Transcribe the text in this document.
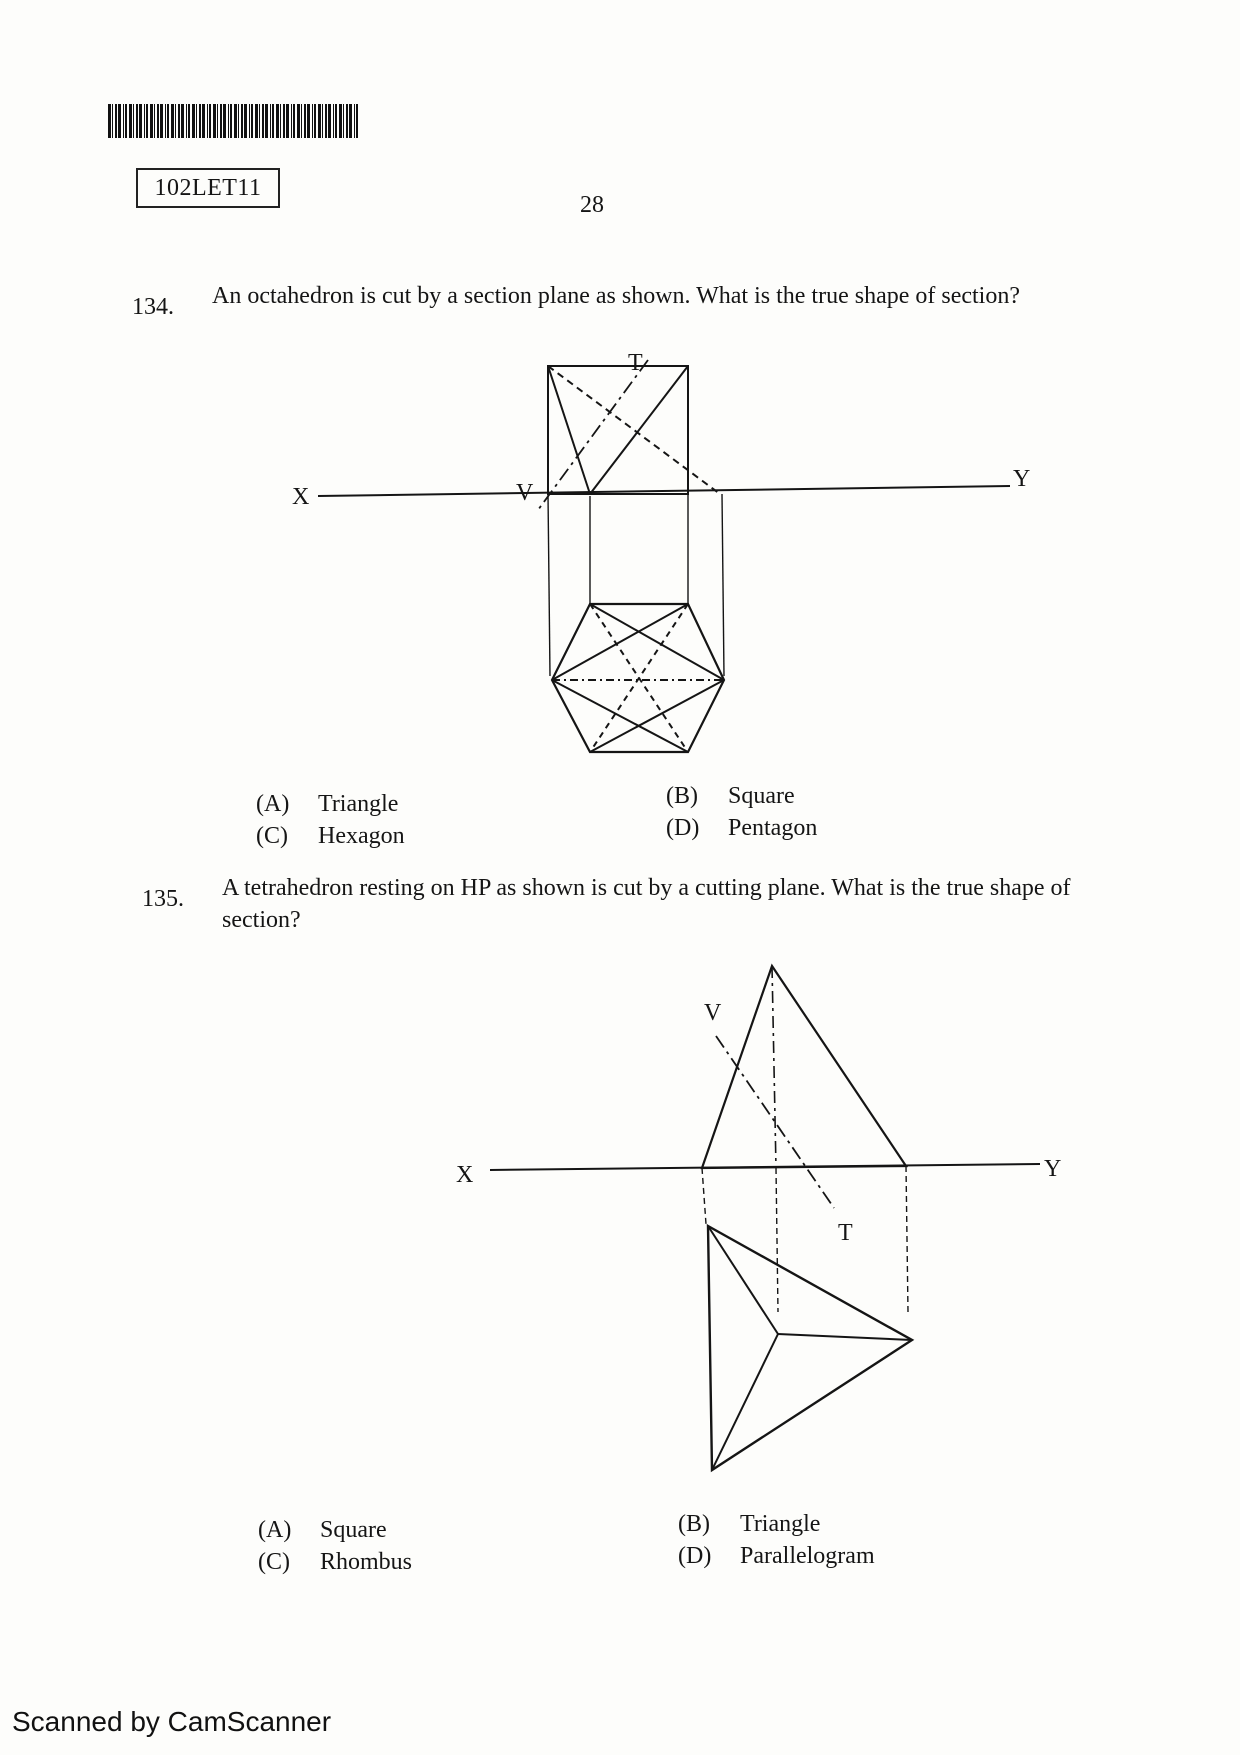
102LET11
28
134. An octahedron is cut by a section plane as shown. What is the true shape of section?
X
Y
V
T
(A) Triangle	(B) Square
(C) Hexagon	(D) Pentagon
135. A tetrahedron resting on HP as shown is cut by a cutting plane. What is the true shape of section?
X	Y
V
T
(A) Square	(B) Triangle
(C) Rhombus	(D) Parallelogram
Scanned by CamScanner
